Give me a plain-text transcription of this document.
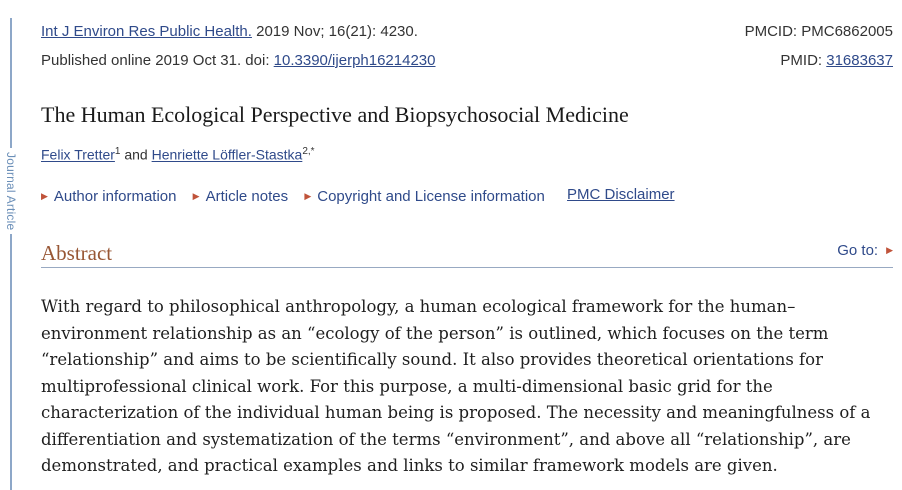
Journal Article
Int J Environ Res Public Health. 2019 Nov; 16(21): 4230.
Published online 2019 Oct 31. doi: 10.3390/ijerph16214230
PMCID: PMC6862005
PMID: 31683637
The Human Ecological Perspective and Biopsychosocial Medicine
Felix Tretter$^1$ and Henriette Löffler-Stastka$^{2,*}$
▶ Author information
▶ Article notes
▶ Copyright and License information PMC Disclaimer
Abstract	Go to: ▶

With regard to philosophical anthropology, a human ecological framework for the human–environment relationship as an “ecology of the person” is outlined, which focuses on the term “relationship” and aims to be scientifically sound. It also provides theoretical orientations for multiprofessional clinical work. For this purpose, a multi-dimensional basic grid for the characterization of the individual human being is proposed. The necessity and meaningfulness of a differentiation and systematization of the terms “environment”, and above all “relationship”, are demonstrated, and practical examples and links to similar framework models are given.
